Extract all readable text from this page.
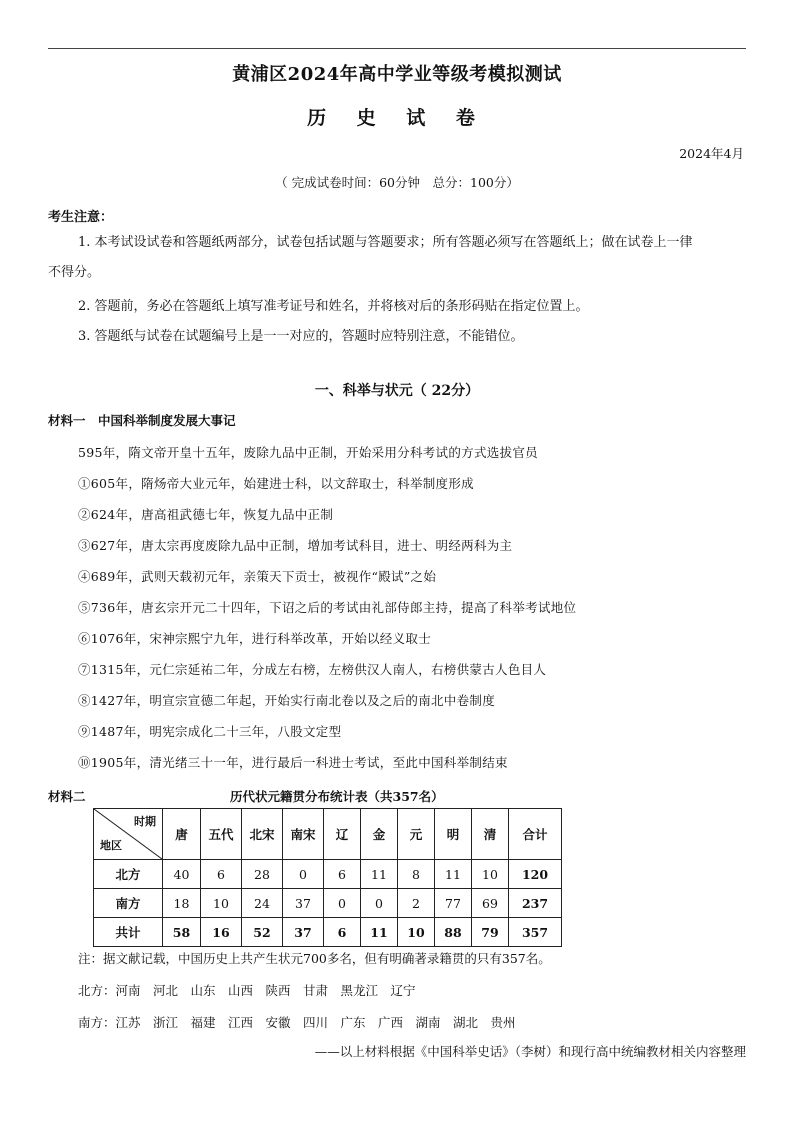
黄浦区2024年高中学业等级考模拟测试
历 史 试 卷
2024年4月
（ 完成试卷时间：60分钟　总分：100分）
考生注意：
1. 本考试设试卷和答题纸两部分，试卷包括试题与答题要求；所有答题必须写在答题纸上；做在试卷上一律
不得分。
2. 答题前，务必在答题纸上填写准考证号和姓名，并将核对后的条形码贴在指定位置上。
3. 答题纸与试卷在试题编号上是一一对应的，答题时应特别注意，不能错位。
一、科举与状元（ 22分）
材料一　中国科举制度发展大事记
595年，隋文帝开皇十五年，废除九品中正制，开始采用分科考试的方式选拔官员
①605年，隋炀帝大业元年，始建进士科，以文辞取士，科举制度形成
②624年，唐高祖武德七年，恢复九品中正制
③627年，唐太宗再度废除九品中正制，增加考试科目，进士、明经两科为主
④689年，武则天载初元年，亲策天下贡士，被视作“殿试”之始
⑤736年，唐玄宗开元二十四年，下诏之后的考试由礼部侍郎主持，提高了科举考试地位
⑥1076年，宋神宗熙宁九年，进行科举改革，开始以经义取士
⑦1315年，元仁宗延祐二年，分成左右榜，左榜供汉人南人，右榜供蒙古人色目人
⑧1427年，明宣宗宣德二年起，开始实行南北卷以及之后的南北中卷制度
⑨1487年，明宪宗成化二十三年，八股文定型
⑩1905年，清光绪三十一年，进行最后一科进士考试，至此中国科举制结束
材料二	历代状元籍贯分布统计表（共357名）
时期
地区	唐	五代	北宋	南宋	辽	金	元	明	清	合计
北方	40	6	28	0	6	11	8	11	10	120
南方	18	10	24	37	0	0	2	77	69	237
共计	58	16	52	37	6	11	10	88	79	357
注：据文献记载，中国历史上共产生状元700多名，但有明确著录籍贯的只有357名。
北方：河南　河北　山东　山西　陕西　甘肃　黑龙江　辽宁
南方：江苏　浙江　福建　江西　安徽　四川　广东　广西　湖南　湖北　贵州
——以上材料根据《中国科举史话》（李树）和现行高中统编教材相关内容整理
